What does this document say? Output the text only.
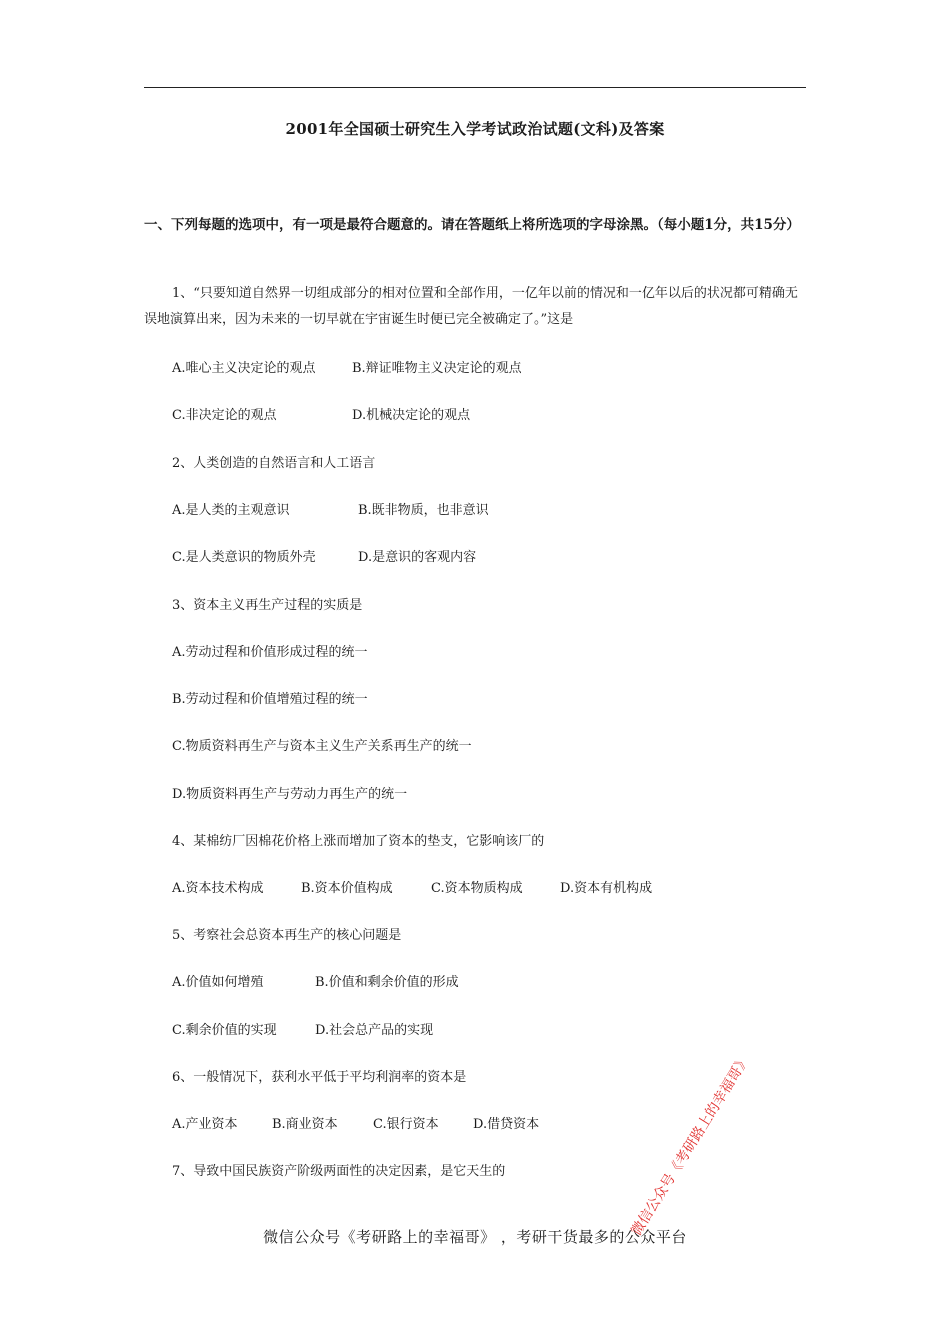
2001年全国硕士研究生入学考试政治试题(文科)及答案
一、下列每题的选项中，有一项是最符合题意的。请在答题纸上将所选项的字母涂黑。（每小题1分，共15分）
1、“只要知道自然界一切组成部分的相对位置和全部作用，一亿年以前的情况和一亿年以后的状况都可精确无误地演算出来，因为未来的一切早就在宇宙诞生时便已完全被确定了。”这是
A.唯心主义决定论的观点	B.辩证唯物主义决定论的观点
C.非决定论的观点	D.机械决定论的观点
2、人类创造的自然语言和人工语言
A.是人类的主观意识	B.既非物质，也非意识
C.是人类意识的物质外壳	D.是意识的客观内容
3、资本主义再生产过程的实质是
A.劳动过程和价值形成过程的统一
B.劳动过程和价值增殖过程的统一
C.物质资料再生产与资本主义生产关系再生产的统一
D.物质资料再生产与劳动力再生产的统一
4、某棉纺厂因棉花价格上涨而增加了资本的垫支，它影响该厂的
A.资本技术构成	B.资本价值构成	C.资本物质构成	D.资本有机构成
5、考察社会总资本再生产的核心问题是
A.价值如何增殖	B.价值和剩余价值的形成
C.剩余价值的实现	D.社会总产品的实现
6、一般情况下，获利水平低于平均利润率的资本是
A.产业资本	B.商业资本	C.银行资本	D.借贷资本
7、导致中国民族资产阶级两面性的决定因素，是它天生的	微信公众号《考研路上的幸福哥》
微信公众号《考研路上的幸福哥》 ，考研干货最多的公众平台
